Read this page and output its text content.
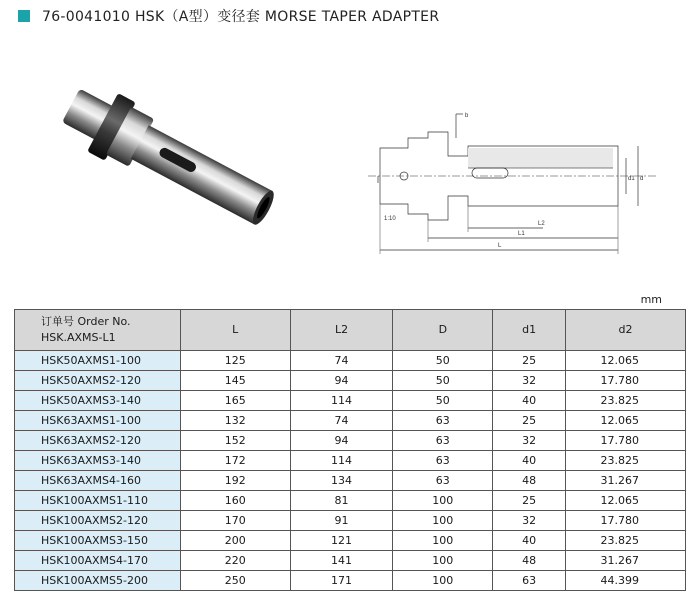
76-0041010 HSK（A型）变径套 MORSE TAPER ADAPTER
b
d
d1
1:10
L2
L1
L
mm
订单号 Order No.
HSK.AXMS-L1	L	L2	D	d1	d2
HSK50AXMS1-100	125	74	50	25	12.065
HSK50AXMS2-120	145	94	50	32	17.780
HSK50AXMS3-140	165	114	50	40	23.825
HSK63AXMS1-100	132	74	63	25	12.065
HSK63AXMS2-120	152	94	63	32	17.780
HSK63AXMS3-140	172	114	63	40	23.825
HSK63AXMS4-160	192	134	63	48	31.267
HSK100AXMS1-110	160	81	100	25	12.065
HSK100AXMS2-120	170	91	100	32	17.780
HSK100AXMS3-150	200	121	100	40	23.825
HSK100AXMS4-170	220	141	100	48	31.267
HSK100AXMS5-200	250	171	100	63	44.399
